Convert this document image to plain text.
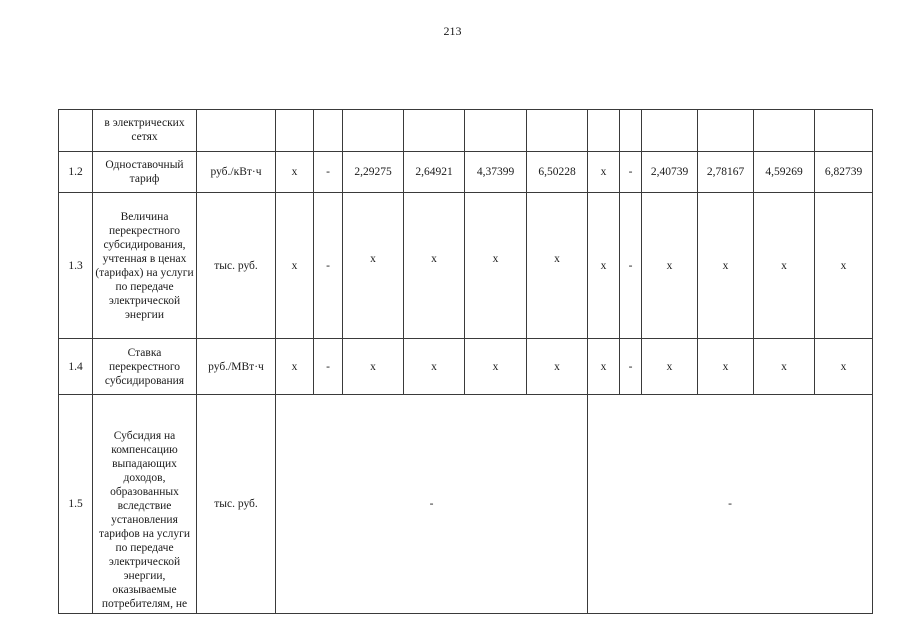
213
	в электрических сетях													
1.2	Одноставочный тариф	руб./кВт·ч	х	-	2,29275	2,64921	4,37399	6,50228	х	-	2,40739	2,78167	4,59269	6,82739
1.3	Величина перекрестного субсидирования, учтенная в ценах (тарифах) на услуги по передаче электрической энергии	тыс. руб.	х	-	х	х	х	х	х	-	х	х	х	х
1.4	Ставка перекрестного субсидирования	руб./МВт·ч	х	-	х	х	х	х	х	-	х	х	х	х
1.5	Субсидия на компенсацию выпадающих доходов, образованных вследствие установления тарифов на услуги по передаче электрической энергии, оказываемые потребителям, не	тыс. руб.	-						-					
